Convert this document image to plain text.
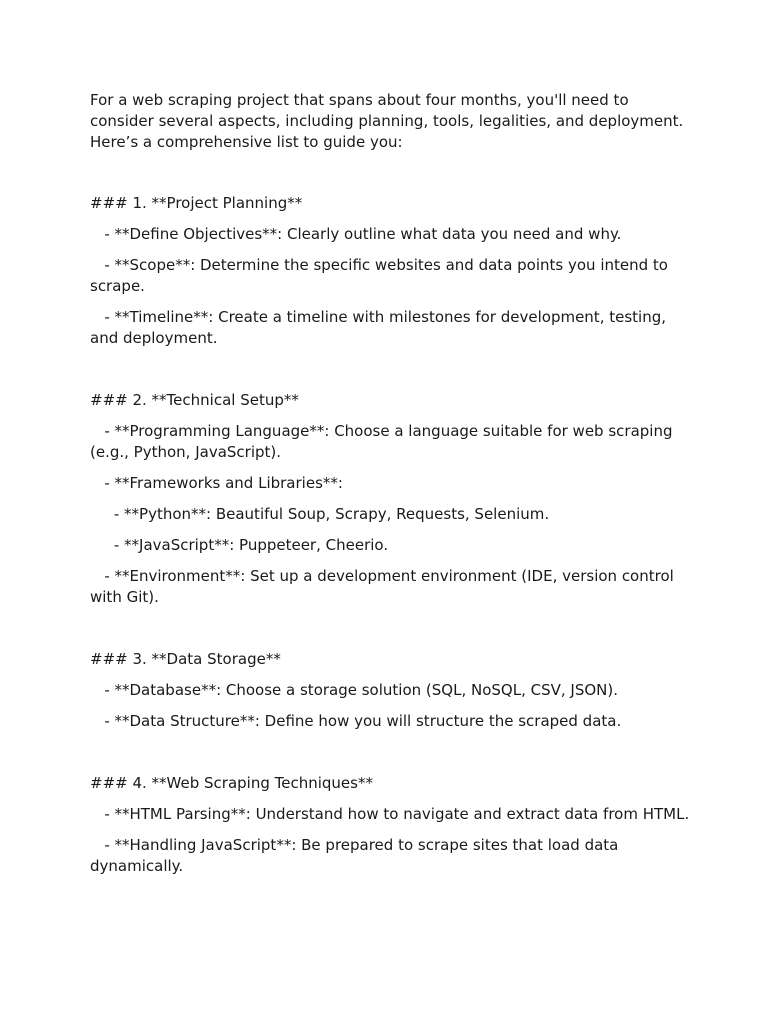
For a web scraping project that spans about four months, you'll need to consider several aspects, including planning, tools, legalities, and deployment. Here’s a comprehensive list to guide you:

### 1. **Project Planning**

- **Define Objectives**: Clearly outline what data you need and why.

- **Scope**: Determine the specific websites and data points you intend to scrape.

- **Timeline**: Create a timeline with milestones for development, testing, and deployment.

### 2. **Technical Setup**

- **Programming Language**: Choose a language suitable for web scraping (e.g., Python, JavaScript).

- **Frameworks and Libraries**:

- **Python**: Beautiful Soup, Scrapy, Requests, Selenium.

- **JavaScript**: Puppeteer, Cheerio.

- **Environment**: Set up a development environment (IDE, version control with Git).

### 3. **Data Storage**

- **Database**: Choose a storage solution (SQL, NoSQL, CSV, JSON).

- **Data Structure**: Define how you will structure the scraped data.

### 4. **Web Scraping Techniques**

- **HTML Parsing**: Understand how to navigate and extract data from HTML.

- **Handling JavaScript**: Be prepared to scrape sites that load data dynamically.
